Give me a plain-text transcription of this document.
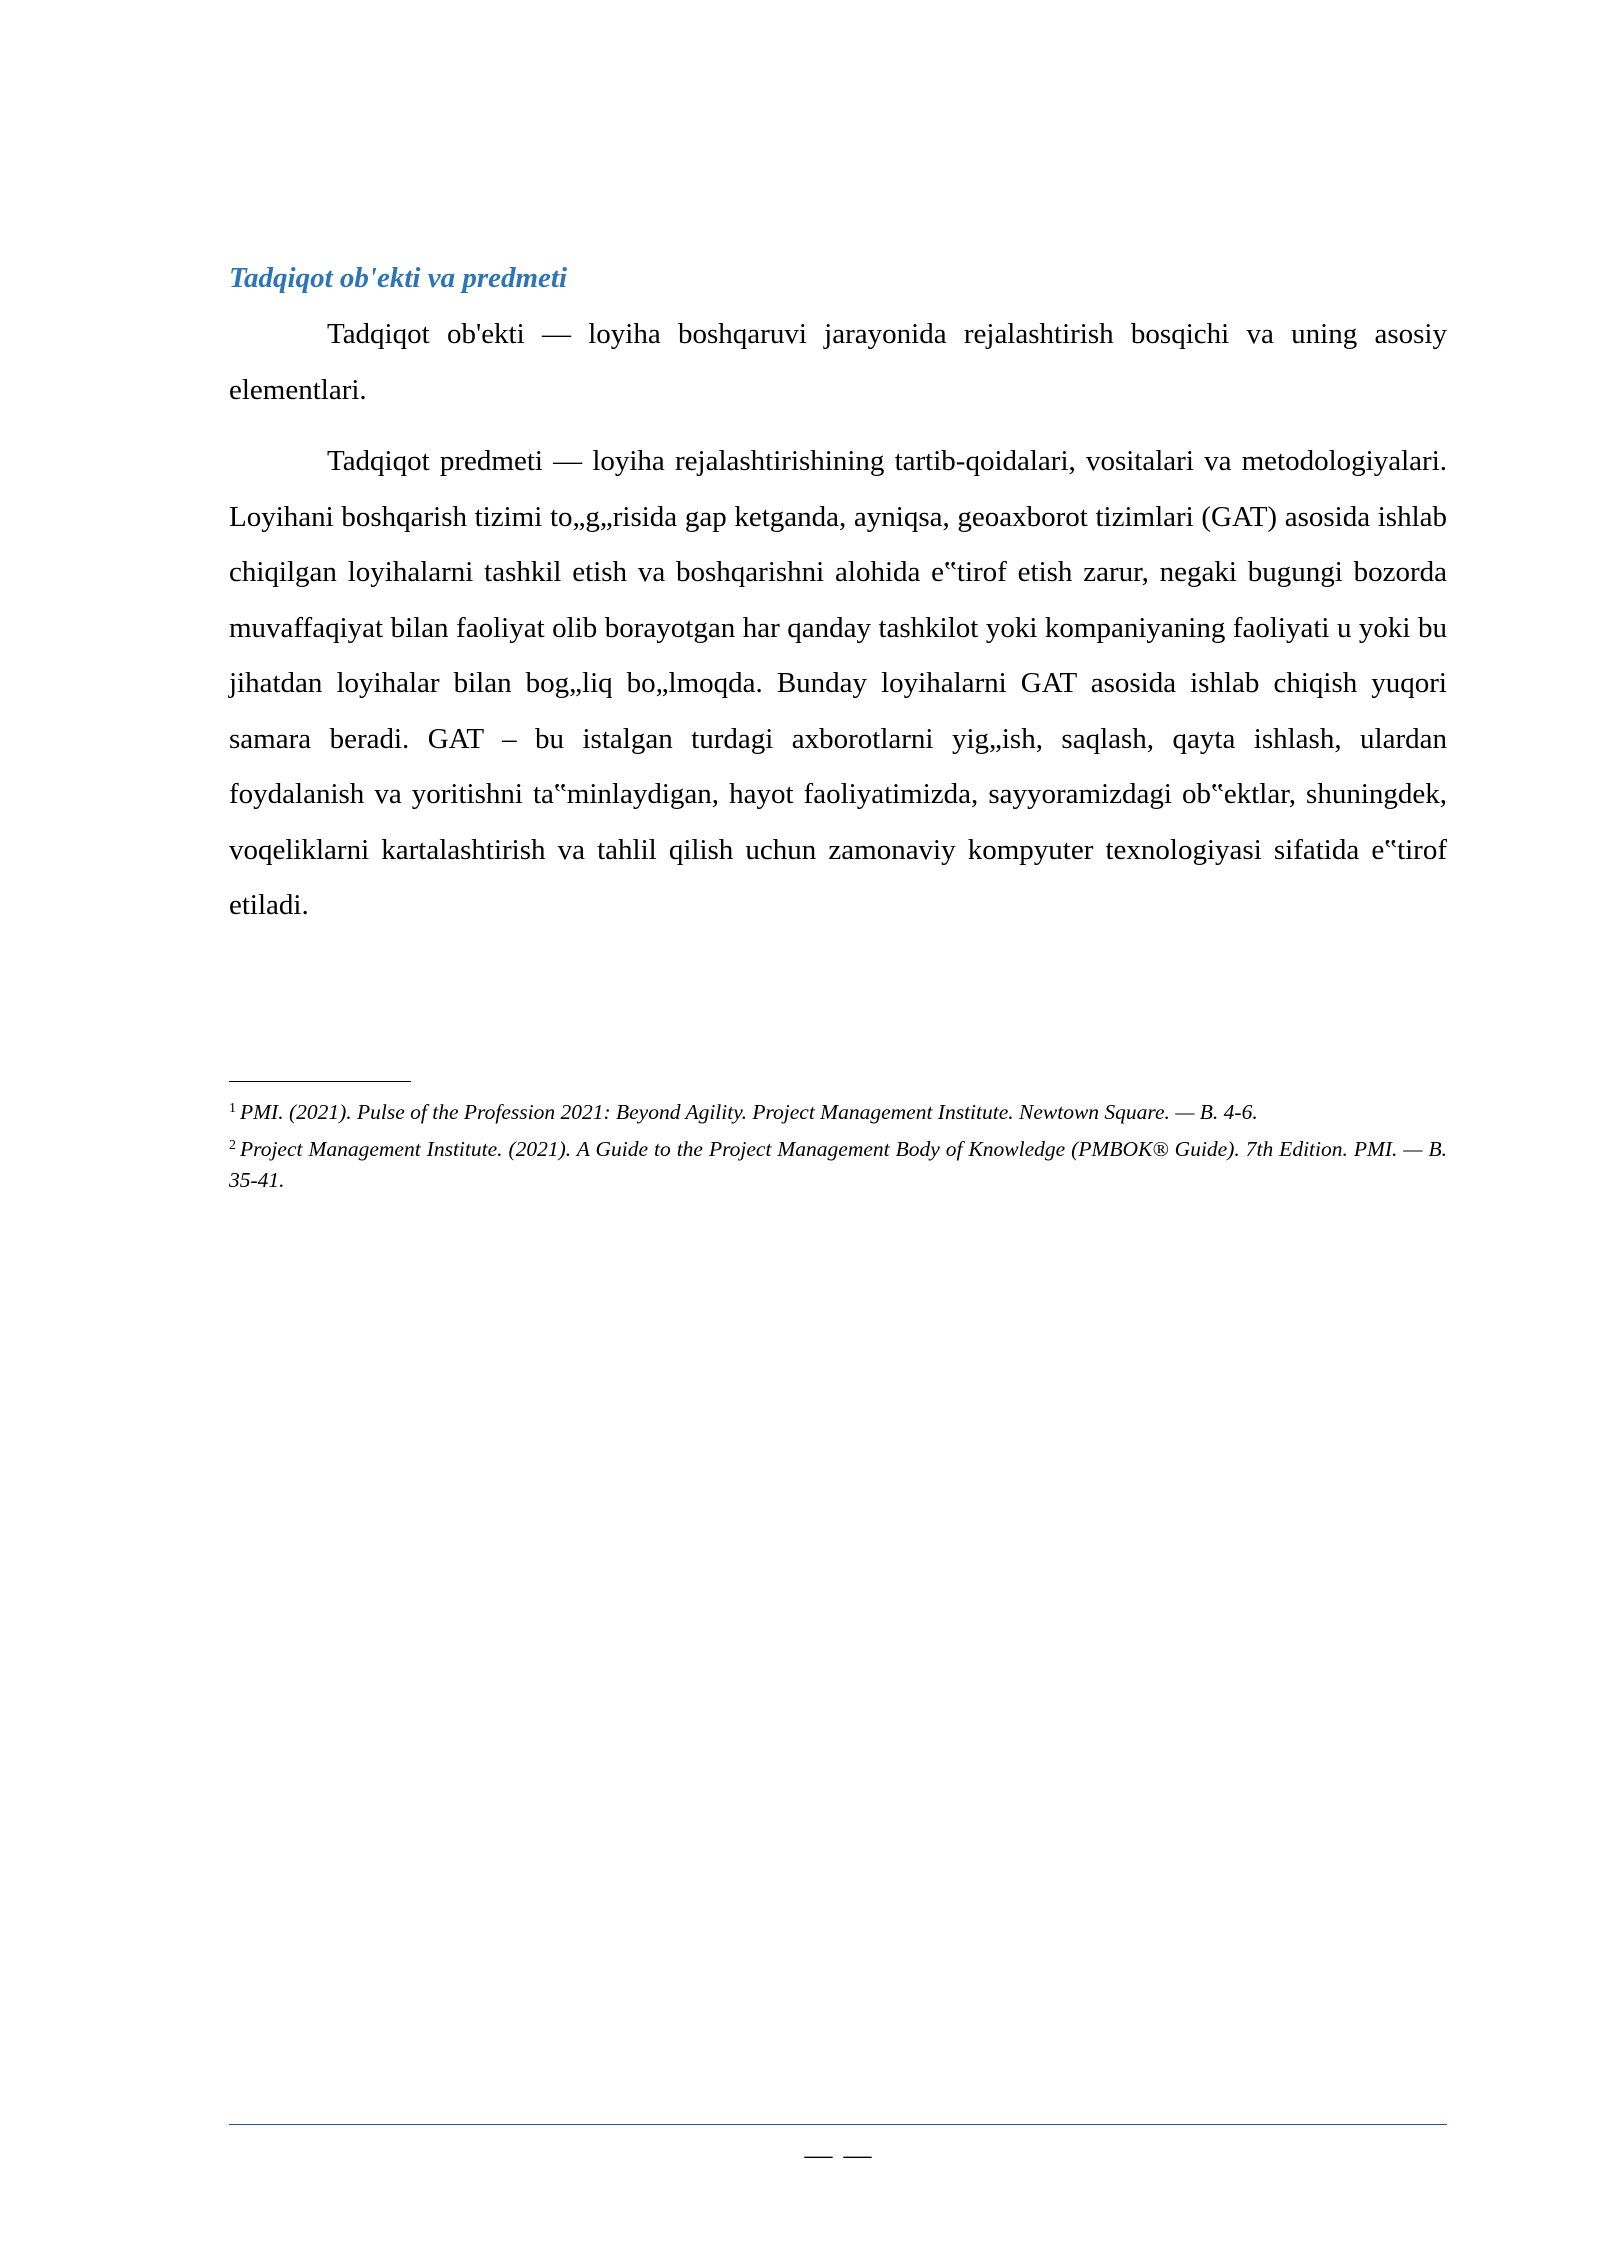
Tadqiqot ob'ekti va predmeti

Tadqiqot ob'ekti — loyiha boshqaruvi jarayonida rejalashtirish bosqichi va uning asosiy elementlari.

Tadqiqot predmeti — loyiha rejalashtirishining tartib-qoidalari, vositalari va metodologiyalari. Loyihani boshqarish tizimi to„g„risida gap ketganda, ayniqsa, geoaxborot tizimlari (GAT) asosida ishlab chiqilgan loyihalarni tashkil etish va boshqarishni alohida e‟tirof etish zarur, negaki bugungi bozorda muvaffaqiyat bilan faoliyat olib borayotgan har qanday tashkilot yoki kompaniyaning faoliyati u yoki bu jihatdan loyihalar bilan bog„liq bo„lmoqda. Bunday loyihalarni GAT asosida ishlab chiqish yuqori samara beradi. GAT – bu istalgan turdagi axborotlarni yig„ish, saqlash, qayta ishlash, ulardan foydalanish va yoritishni ta‟minlaydigan, hayot faoliyatimizda, sayyoramizdagi ob‟ektlar, shuningdek, voqeliklarni kartalashtirish va tahlil qilish uchun zamonaviy kompyuter texnologiyasi sifatida e‟tirof etiladi.

$^1$ PMI. (2021). Pulse of the Profession 2021: Beyond Agility. Project Management Institute. Newtown Square. — B. 4-6.
$^2$ Project Management Institute. (2021). A Guide to the Project Management Body of Knowledge (PMBOK® Guide). 7th Edition. PMI. — B. 35-41.
— —
